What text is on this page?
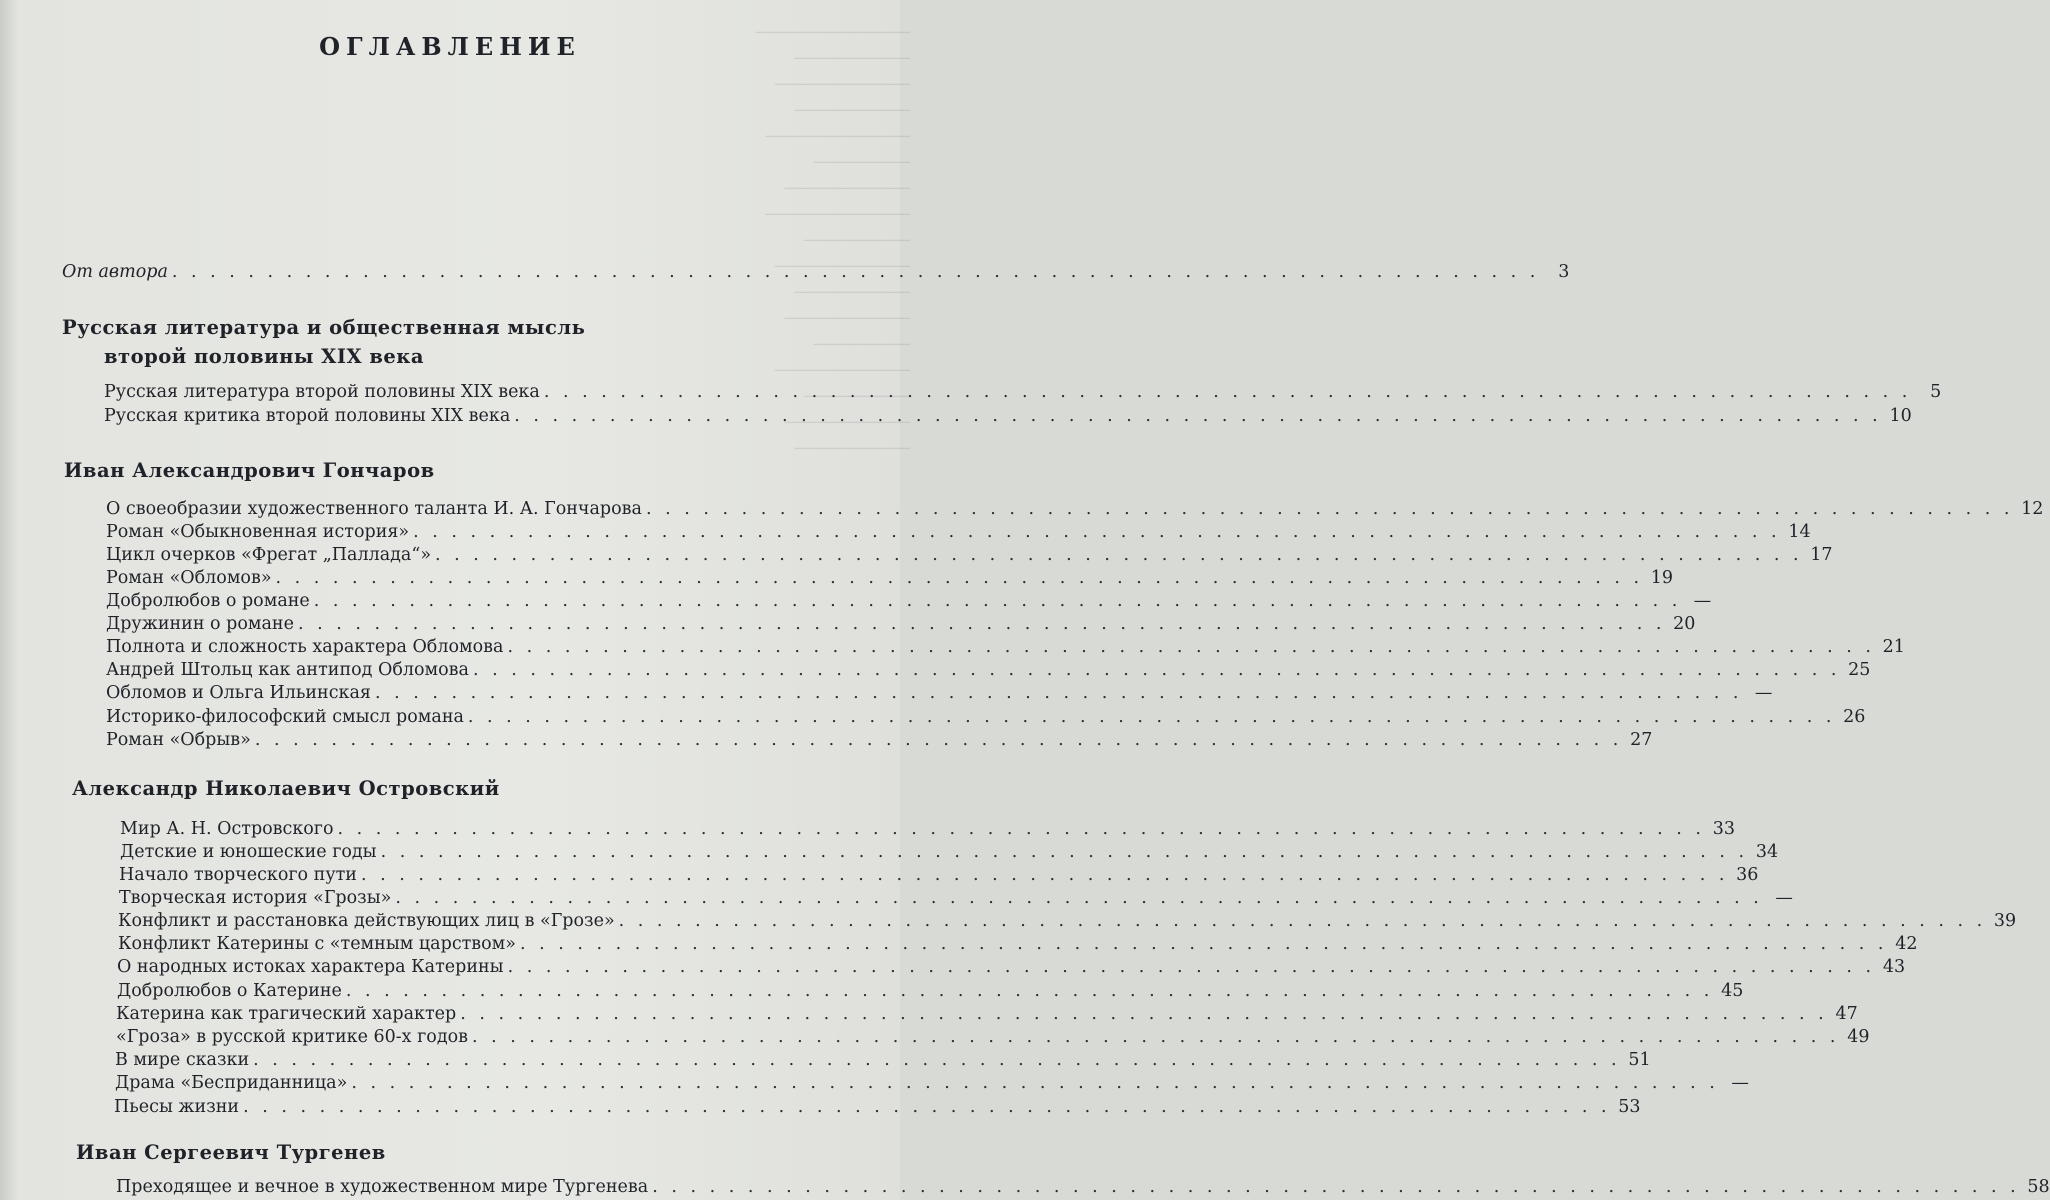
────────────────
────────────
──────────────
────────────
───────────────
──────────
─────────────
───────────────
───────────
──────────────
────────────
─────────────
──────────
──────────────
───────────
─────────────
────────────
ОГЛАВЛЕНИЕ
От автора . . .	3
Русская литература и общественная мысль
второй половины XIX века
Русская литература второй половины XIX века . . .	5
Русская критика второй половины XIX века . . .	10
Иван Александрович Гончаров
О своеобразии художественного таланта И. А. Гончарова . . .	12
Роман «Обыкновенная история» . . .	14
Цикл очерков «Фрегат „Паллада“» . . .	17
Роман «Обломов» . . .	19
Добролюбов о романе . . .	—
Дружинин о романе . . .	20
Полнота и сложность характера Обломова . . .	21
Андрей Штольц как антипод Обломова . . .	25
Обломов и Ольга Ильинская . . .	—
Историко-философский смысл романа . . .	26
Роман «Обрыв» . . .	27
Александр Николаевич Островский
Мир А. Н. Островского . . .	33
Детские и юношеские годы . . .	34
Начало творческого пути . . .	36
Творческая история «Грозы» . . .	—
Конфликт и расстановка действующих лиц в «Грозе» . . .	39
Конфликт Катерины с «темным царством» . . .	42
О народных истоках характера Катерины . . .	43
Добролюбов о Катерине . . .	45
Катерина как трагический характер . . .	47
«Гроза» в русской критике 60-х годов . . .	49
В мире сказки . . .	51
Драма «Бесприданница» . . .	—
Пьесы жизни . . .	53
Иван Сергеевич Тургенев
Преходящее и вечное в художественном мире Тургенева . . .	58
